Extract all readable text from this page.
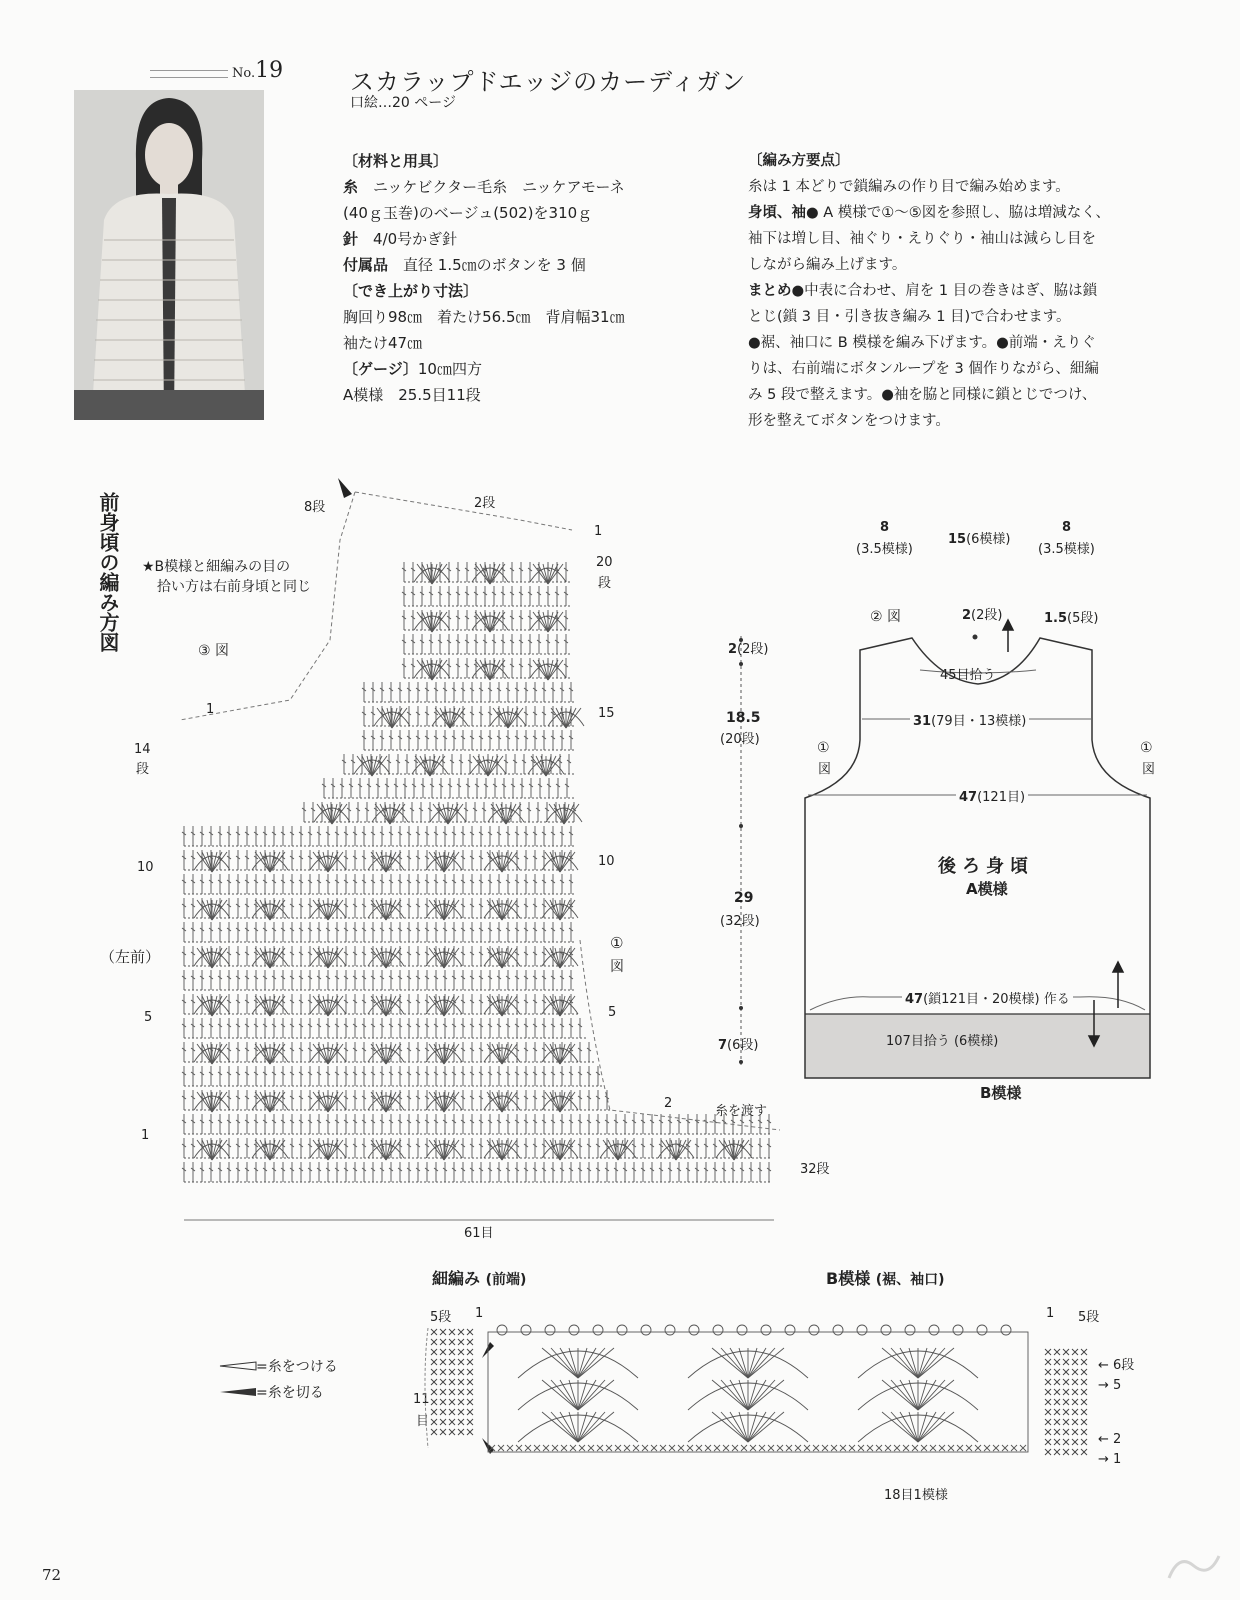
No.19	スカラップドエッジのカーディガン
口絵…20 ページ
〔材料と用具〕
糸　 ニッケビクター毛糸　ニッケアモーネ
(40ｇ玉巻)のベージュ(502)を310ｇ
針　 4/0号かぎ針
付属品　 直径 1.5㎝のボタンを 3 個
〔でき上がり寸法〕
胸回り98㎝　着たけ56.5㎝　背肩幅31㎝
袖たけ47㎝
〔ゲージ〕10㎝四方
A模様　25.5目11段
〔編み方要点〕
糸は 1 本どりで鎖編みの作り目で編み始めます。
身頃、袖● A 模様で①〜⑤図を参照し、脇は増減なく、
袖下は増し目、袖ぐり・えりぐり・袖山は減らし目を
しながら編み上げます。
まとめ●中表に合わせ、肩を 1 目の巻きはぎ、脇は鎖
とじ(鎖 3 目・引き抜き編み 1 目)で合わせます。
●裾、袖口に B 模様を編み下げます。●前端・えりぐ
りは、右前端にボタンループを 3 個作りながら、細編
み 5 段で整えます。●袖を脇と同様に鎖とじでつけ、
形を整えてボタンをつけます。
前身頃の編み方図 ★B模様と細編みの目の
拾い方は右前身頃と同じ
③ 図
（左前）
8段	2段
1
20
段
1	15
14
段
10	10
①
図
5	5
2
糸を渡す
1
32段
61目
2(2段)
18.5
(20段)
29
(32段)
7(6段)
8
(3.5模様)
15(6模様)
8
(3.5模様)
② 図	2(2段)	1.5(5段)
45目拾う
31(79目・13模様)
①
図
①
図
47(121目)
後ろ身頃
A模様
47(鎖121目・20模様) 作る
107目拾う (6模様)
B模様
細編み (前端)
5段 1
11
目
=糸をつける
=糸を切る
B模様 (裾、袖口)
1 5段
← 6段
→ 5
← 2
→ 1
18目1模様
72
